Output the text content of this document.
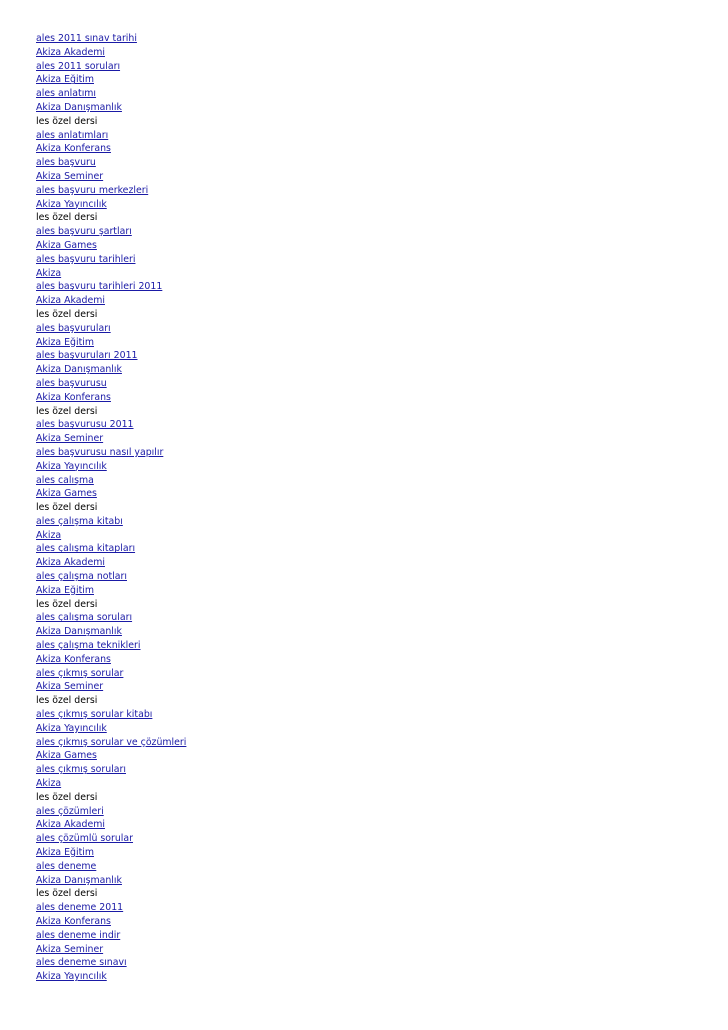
ales 2011 sınav tarihi
Akiza Akademi
ales 2011 soruları
Akiza Eğitim
ales anlatımı
Akiza Danışmanlık
les özel dersi
ales anlatımları
Akiza Konferans
ales başvuru
Akiza Seminer
ales başvuru merkezleri
Akiza Yayıncılık
les özel dersi
ales başvuru şartları
Akiza Games
ales başvuru tarihleri
Akiza
ales başvuru tarihleri 2011
Akiza Akademi
les özel dersi
ales başvuruları
Akiza Eğitim
ales başvuruları 2011
Akiza Danışmanlık
ales başvurusu
Akiza Konferans
les özel dersi
ales başvurusu 2011
Akiza Seminer
ales başvurusu nasıl yapılır
Akiza Yayıncılık
ales calışma
Akiza Games
les özel dersi
ales çalışma kitabı
Akiza
ales çalışma kitapları
Akiza Akademi
ales çalışma notları
Akiza Eğitim
les özel dersi
ales çalışma soruları
Akiza Danışmanlık
ales çalışma teknikleri
Akiza Konferans
ales çıkmış sorular
Akiza Seminer
les özel dersi
ales çıkmış sorular kitabı
Akiza Yayıncılık
ales çıkmış sorular ve çözümleri
Akiza Games
ales çıkmış soruları
Akiza
les özel dersi
ales çözümleri
Akiza Akademi
ales çözümlü sorular
Akiza Eğitim
ales deneme
Akiza Danışmanlık
les özel dersi
ales deneme 2011
Akiza Konferans
ales deneme indir
Akiza Seminer
ales deneme sınavı
Akiza Yayıncılık
